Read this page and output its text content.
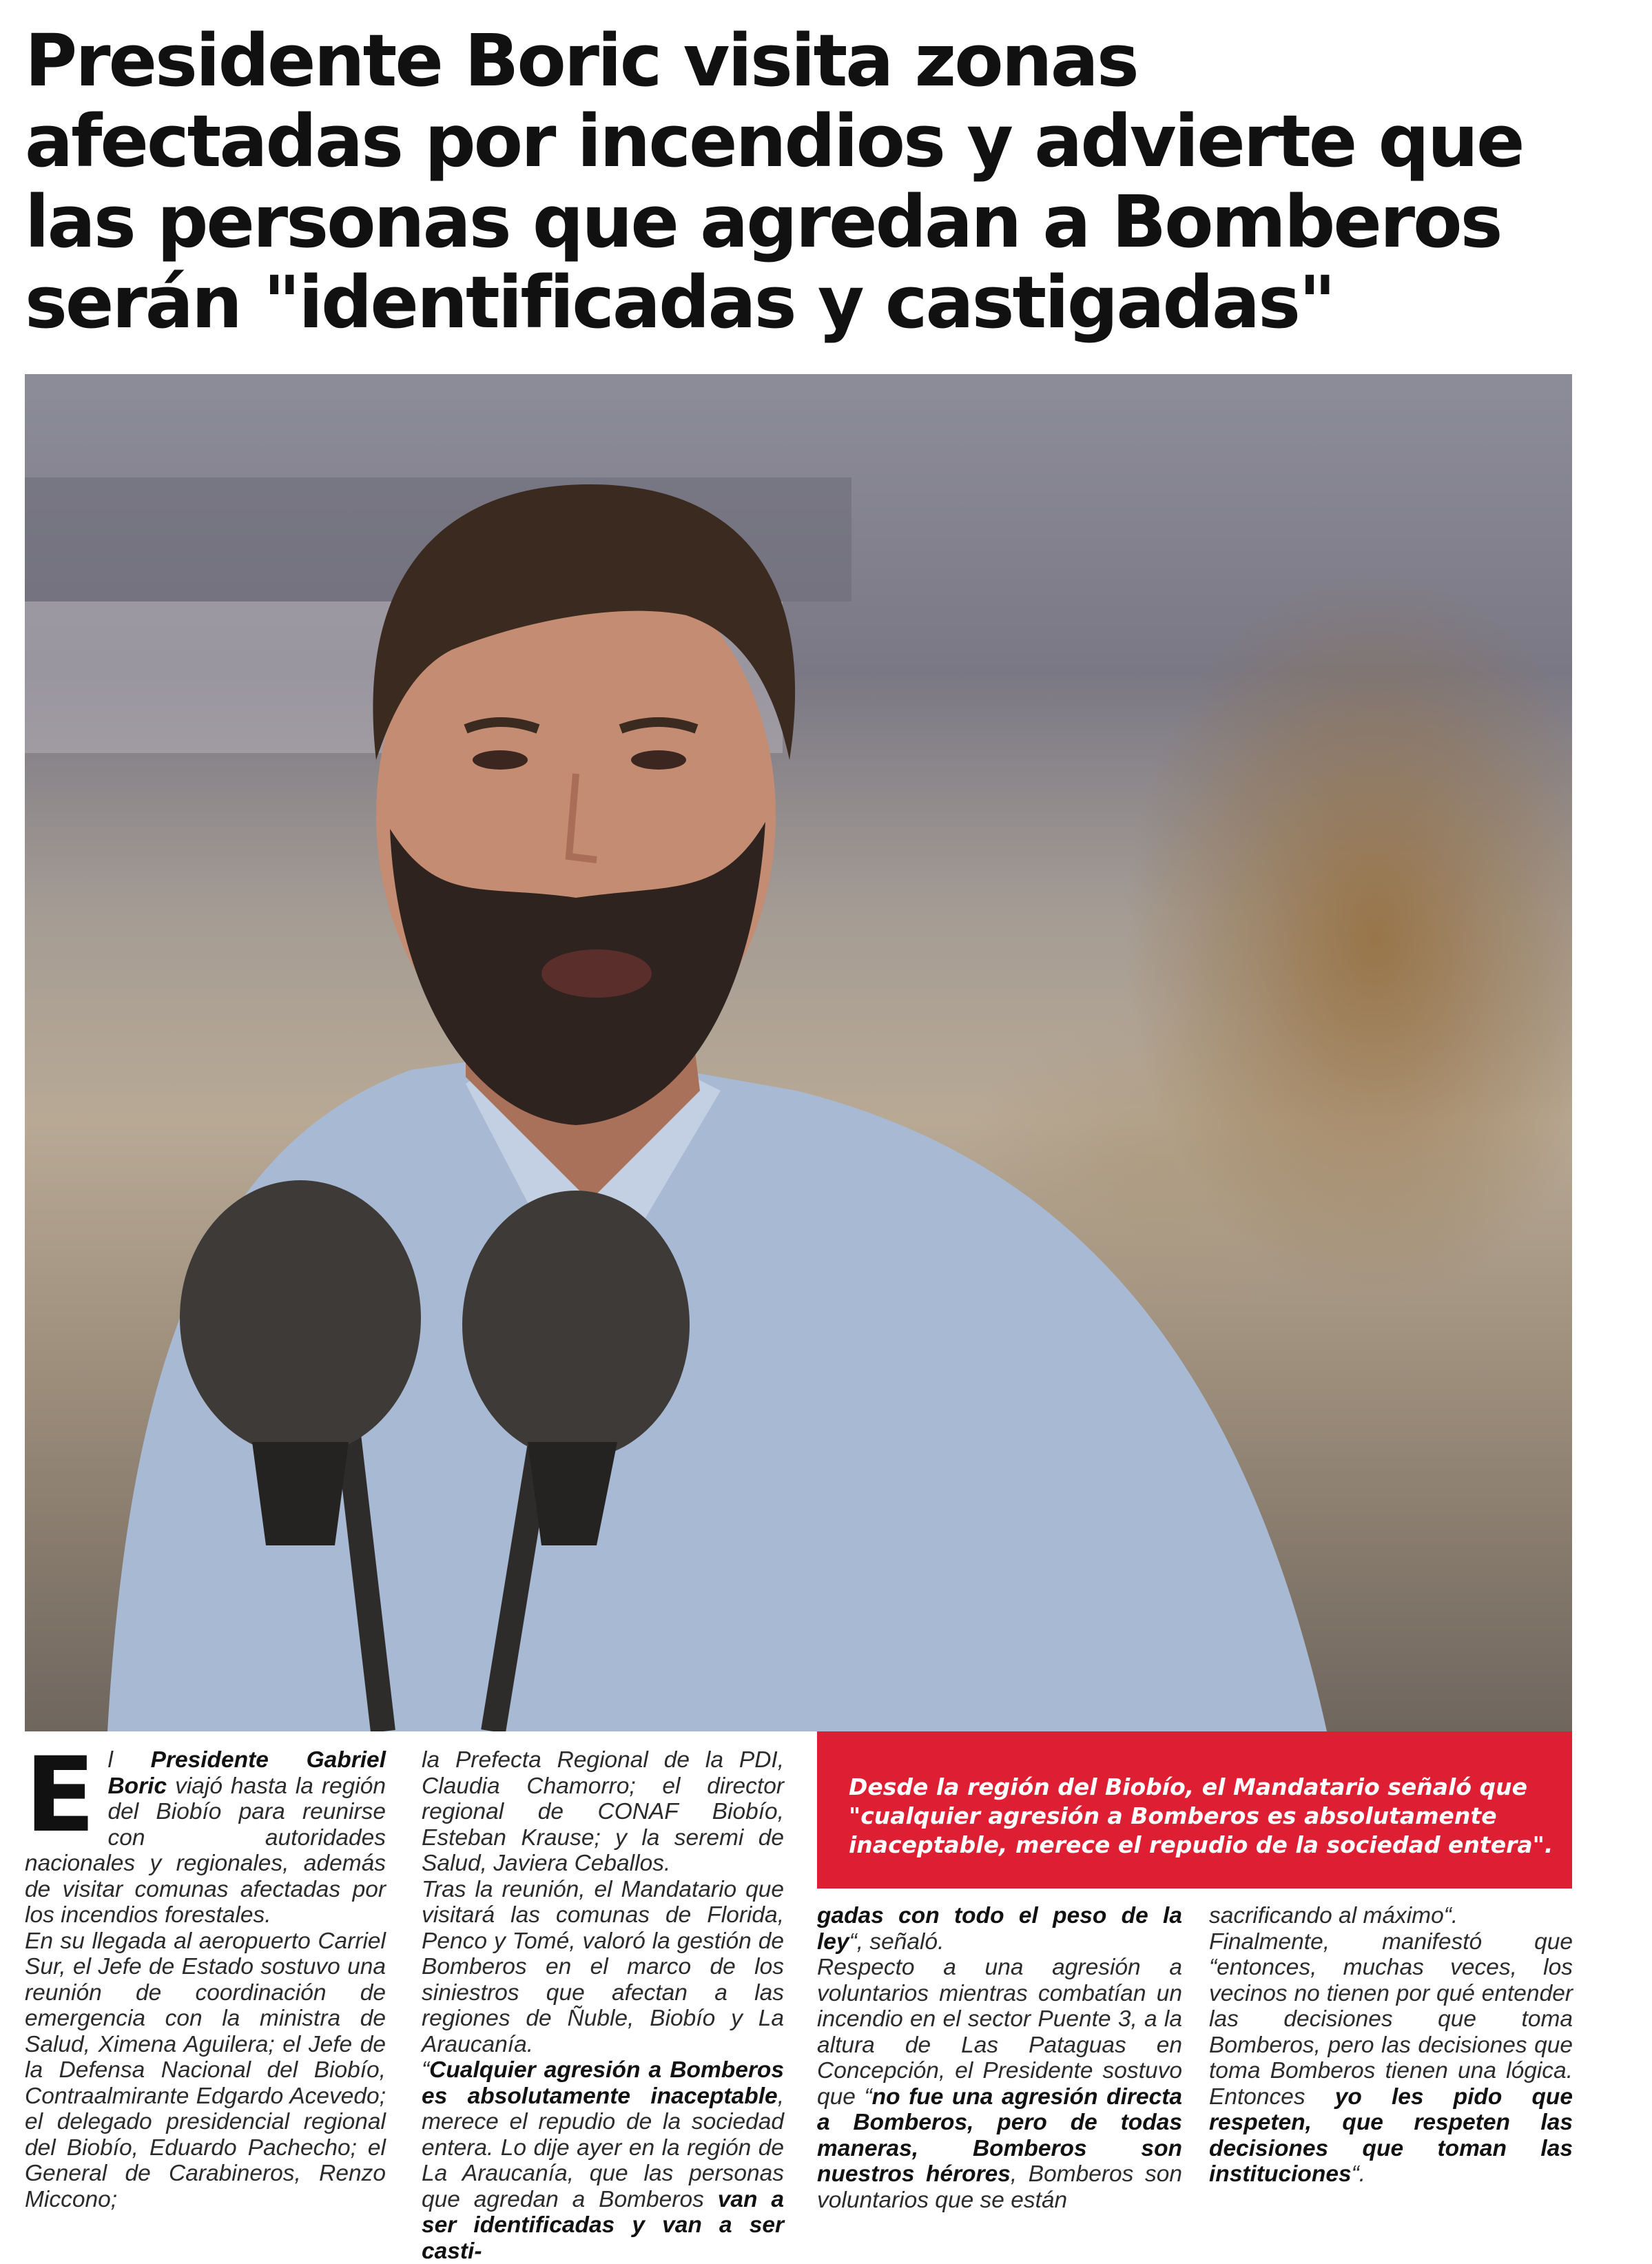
Presidente Boric visita zonas
afectadas por incendios y advierte que
las personas que agredan a Bomberos
serán "identificadas y castigadas"

El Presidente Gabriel Boric viajó hasta la región del Biobío para reunirse con autoridades nacionales y regionales, además de visitar comunas afectadas por los incendios forestales.

En su llegada al aeropuerto Carriel Sur, el Jefe de Estado sostuvo una reunión de coordinación de emergencia con la ministra de Salud, Ximena Aguilera; el Jefe de la Defensa Nacional del Biobío, Contraalmirante Edgardo Acevedo; el delegado presidencial regional del Biobío, Eduardo Pachecho; el General de Carabineros, Renzo Miccono;

la Prefecta Regional de la PDI, Claudia Chamorro; el director regional de CONAF Biobío, Esteban Krause; y la seremi de Salud, Javiera Ceballos.

Tras la reunión, el Mandatario que visitará las comunas de Florida, Penco y Tomé, valoró la gestión de Bomberos en el marco de los siniestros que afectan a las regiones de Ñuble, Biobío y La Araucanía.

“Cualquier agresión a Bomberos es absolutamente inaceptable, merece el repudio de la sociedad entera. Lo dije ayer en la región de La Araucanía, que las personas que agredan a Bomberos van a ser identificadas y van a ser casti-

Desde la región del Biobío, el Mandatario señaló que
"cualquier agresión a Bomberos es absolutamente
inaceptable, merece el repudio de la sociedad entera".

gadas con todo el peso de la ley“, señaló.

Respecto a una agresión a voluntarios mientras combatían un incendio en el sector Puente 3, a la altura de Las Pataguas en Concepción, el Presidente sostuvo que “no fue una agresión directa a Bomberos, pero de todas maneras, Bomberos son nuestros hérores, Bomberos son voluntarios que se están

sacrificando al máximo“.

Finalmente, manifestó que “entonces, muchas veces, los vecinos no tienen por qué entender las decisiones que toma Bomberos, pero las decisiones que toma Bomberos tienen una lógica. Entonces yo les pido que respeten, que respeten las decisiones que toman las instituciones“.
